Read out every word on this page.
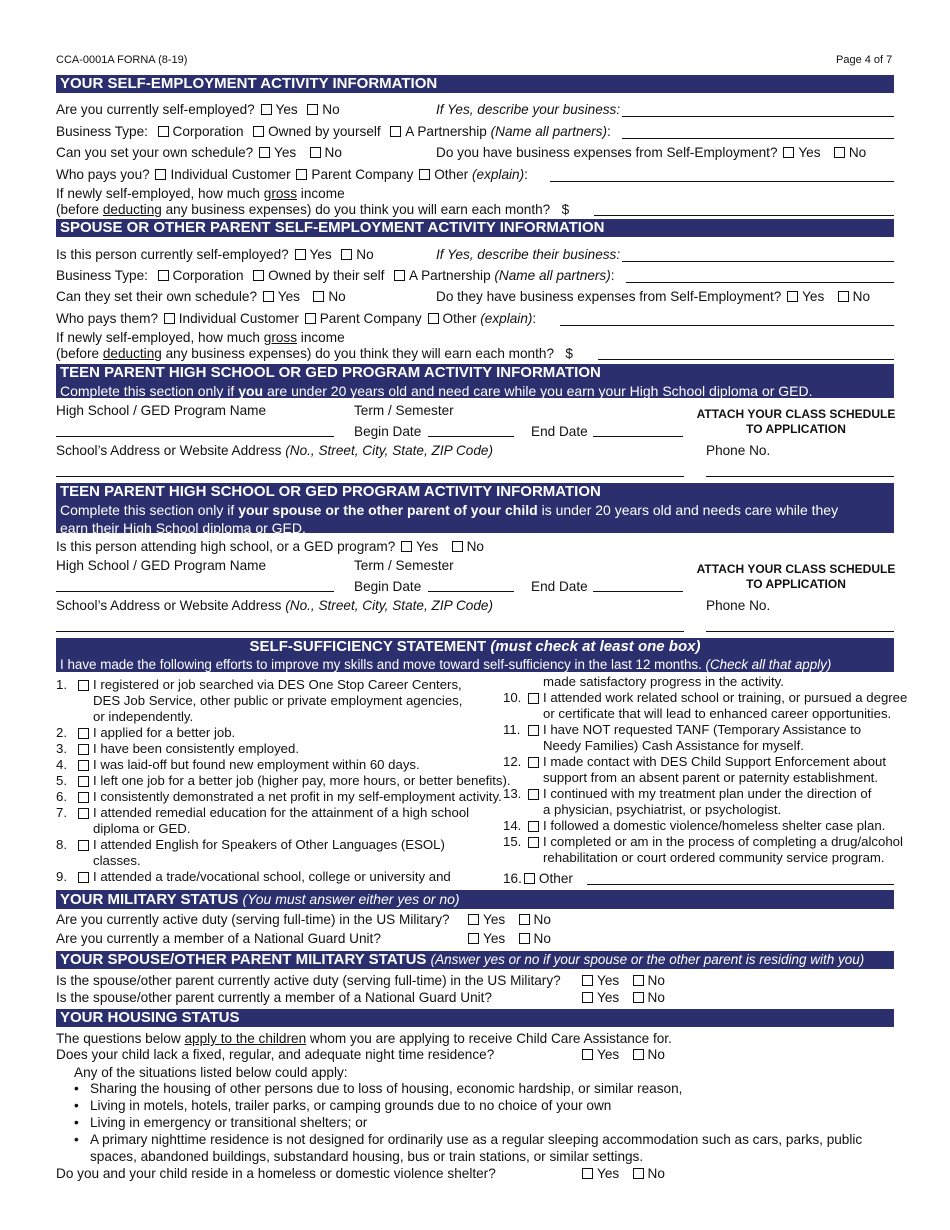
CCA-0001A FORNA (8-19)	Page 4 of 7
YOUR SELF-EMPLOYMENT ACTIVITY INFORMATION
Are you currently self-employed? Yes No	If Yes, describe your business:
Business Type: Corporation Owned by yourself A Partnership (Name all partners):
Can you set your own schedule? Yes No	Do you have business expenses from Self-Employment? Yes No
Who pays you? Individual Customer Parent Company Other (explain):
If newly self-employed, how much gross income
(before deducting any business expenses) do you think you will earn each month? $
SPOUSE OR OTHER PARENT SELF-EMPLOYMENT ACTIVITY INFORMATION
Is this person currently self-employed? Yes No	If Yes, describe their business:
Business Type: Corporation Owned by their self A Partnership (Name all partners):
Can they set their own schedule? Yes No	Do they have business expenses from Self-Employment? Yes No
Who pays them? Individual Customer Parent Company Other (explain):
If newly self-employed, how much gross income
(before deducting any business expenses) do you think they will earn each month? $
TEEN PARENT HIGH SCHOOL OR GED PROGRAM ACTIVITY INFORMATION
Complete this section only if you are under 20 years old and need care while you earn your High School diploma or GED.
High School / GED Program Name	Term / Semester	ATTACH YOUR CLASS SCHEDULE
TO APPLICATION
Begin Date	End Date
School’s Address or Website Address (No., Street, City, State, ZIP Code)	Phone No.
TEEN PARENT HIGH SCHOOL OR GED PROGRAM ACTIVITY INFORMATION
Complete this section only if your spouse or the other parent of your child is under 20 years old and needs care while they
earn their High School diploma or GED.
Is this person attending high school, or a GED program? Yes No
High School / GED Program Name	Term / Semester	ATTACH YOUR CLASS SCHEDULE
TO APPLICATION
Begin Date	End Date
School’s Address or Website Address (No., Street, City, State, ZIP Code)	Phone No.
SELF-SUFFICIENCY STATEMENT (must check at least one box)
I have made the following efforts to improve my skills and move toward self-sufficiency in the last 12 months. (Check all that apply)
1. I registered or job searched via DES One Stop Career Centers,
DES Job Service, other public or private employment agencies,
or independently.
2. I applied for a better job.
3. I have been consistently employed.
4. I was laid-off but found new employment within 60 days.
5. I left one job for a better job (higher pay, more hours, or better benefits).
6. I consistently demonstrated a net profit in my self-employment activity.
7. I attended remedial education for the attainment of a high school
diploma or GED.
8. I attended English for Speakers of Other Languages (ESOL)
classes.
9. I attended a trade/vocational school, college or university and
10. I attended work related school or training, or pursued a degree
or certificate that will lead to enhanced career opportunities.
11. I have NOT requested TANF (Temporary Assistance to
Needy Families) Cash Assistance for myself.
12. I made contact with DES Child Support Enforcement about
support from an absent parent or paternity establishment.
13. I continued with my treatment plan under the direction of
a physician, psychiatrist, or psychologist.
14. I followed a domestic violence/homeless shelter case plan.
15. I completed or am in the process of completing a drug/alcohol
rehabilitation or court ordered community service program.
made satisfactory progress in the activity.
16. Other
YOUR MILITARY STATUS (You must answer either yes or no)
Are you currently active duty (serving full-time) in the US Military?	Yes No
Are you currently a member of a National Guard Unit?	Yes No
YOUR SPOUSE/OTHER PARENT MILITARY STATUS (Answer yes or no if your spouse or the other parent is residing with you)
Is the spouse/other parent currently active duty (serving full-time) in the US Military?	Yes No
Is the spouse/other parent currently a member of a National Guard Unit?	Yes No
YOUR HOUSING STATUS
The questions below apply to the children whom you are applying to receive Child Care Assistance for.
Does your child lack a fixed, regular, and adequate night time residence?	Yes No
Any of the situations listed below could apply:
• Sharing the housing of other persons due to loss of housing, economic hardship, or similar reason,
• Living in motels, hotels, trailer parks, or camping grounds due to no choice of your own
• Living in emergency or transitional shelters; or
• A primary nighttime residence is not designed for ordinarily use as a regular sleeping accommodation such as cars, parks, public
spaces, abandoned buildings, substandard housing, bus or train stations, or similar settings.
Do you and your child reside in a homeless or domestic violence shelter?	Yes No
